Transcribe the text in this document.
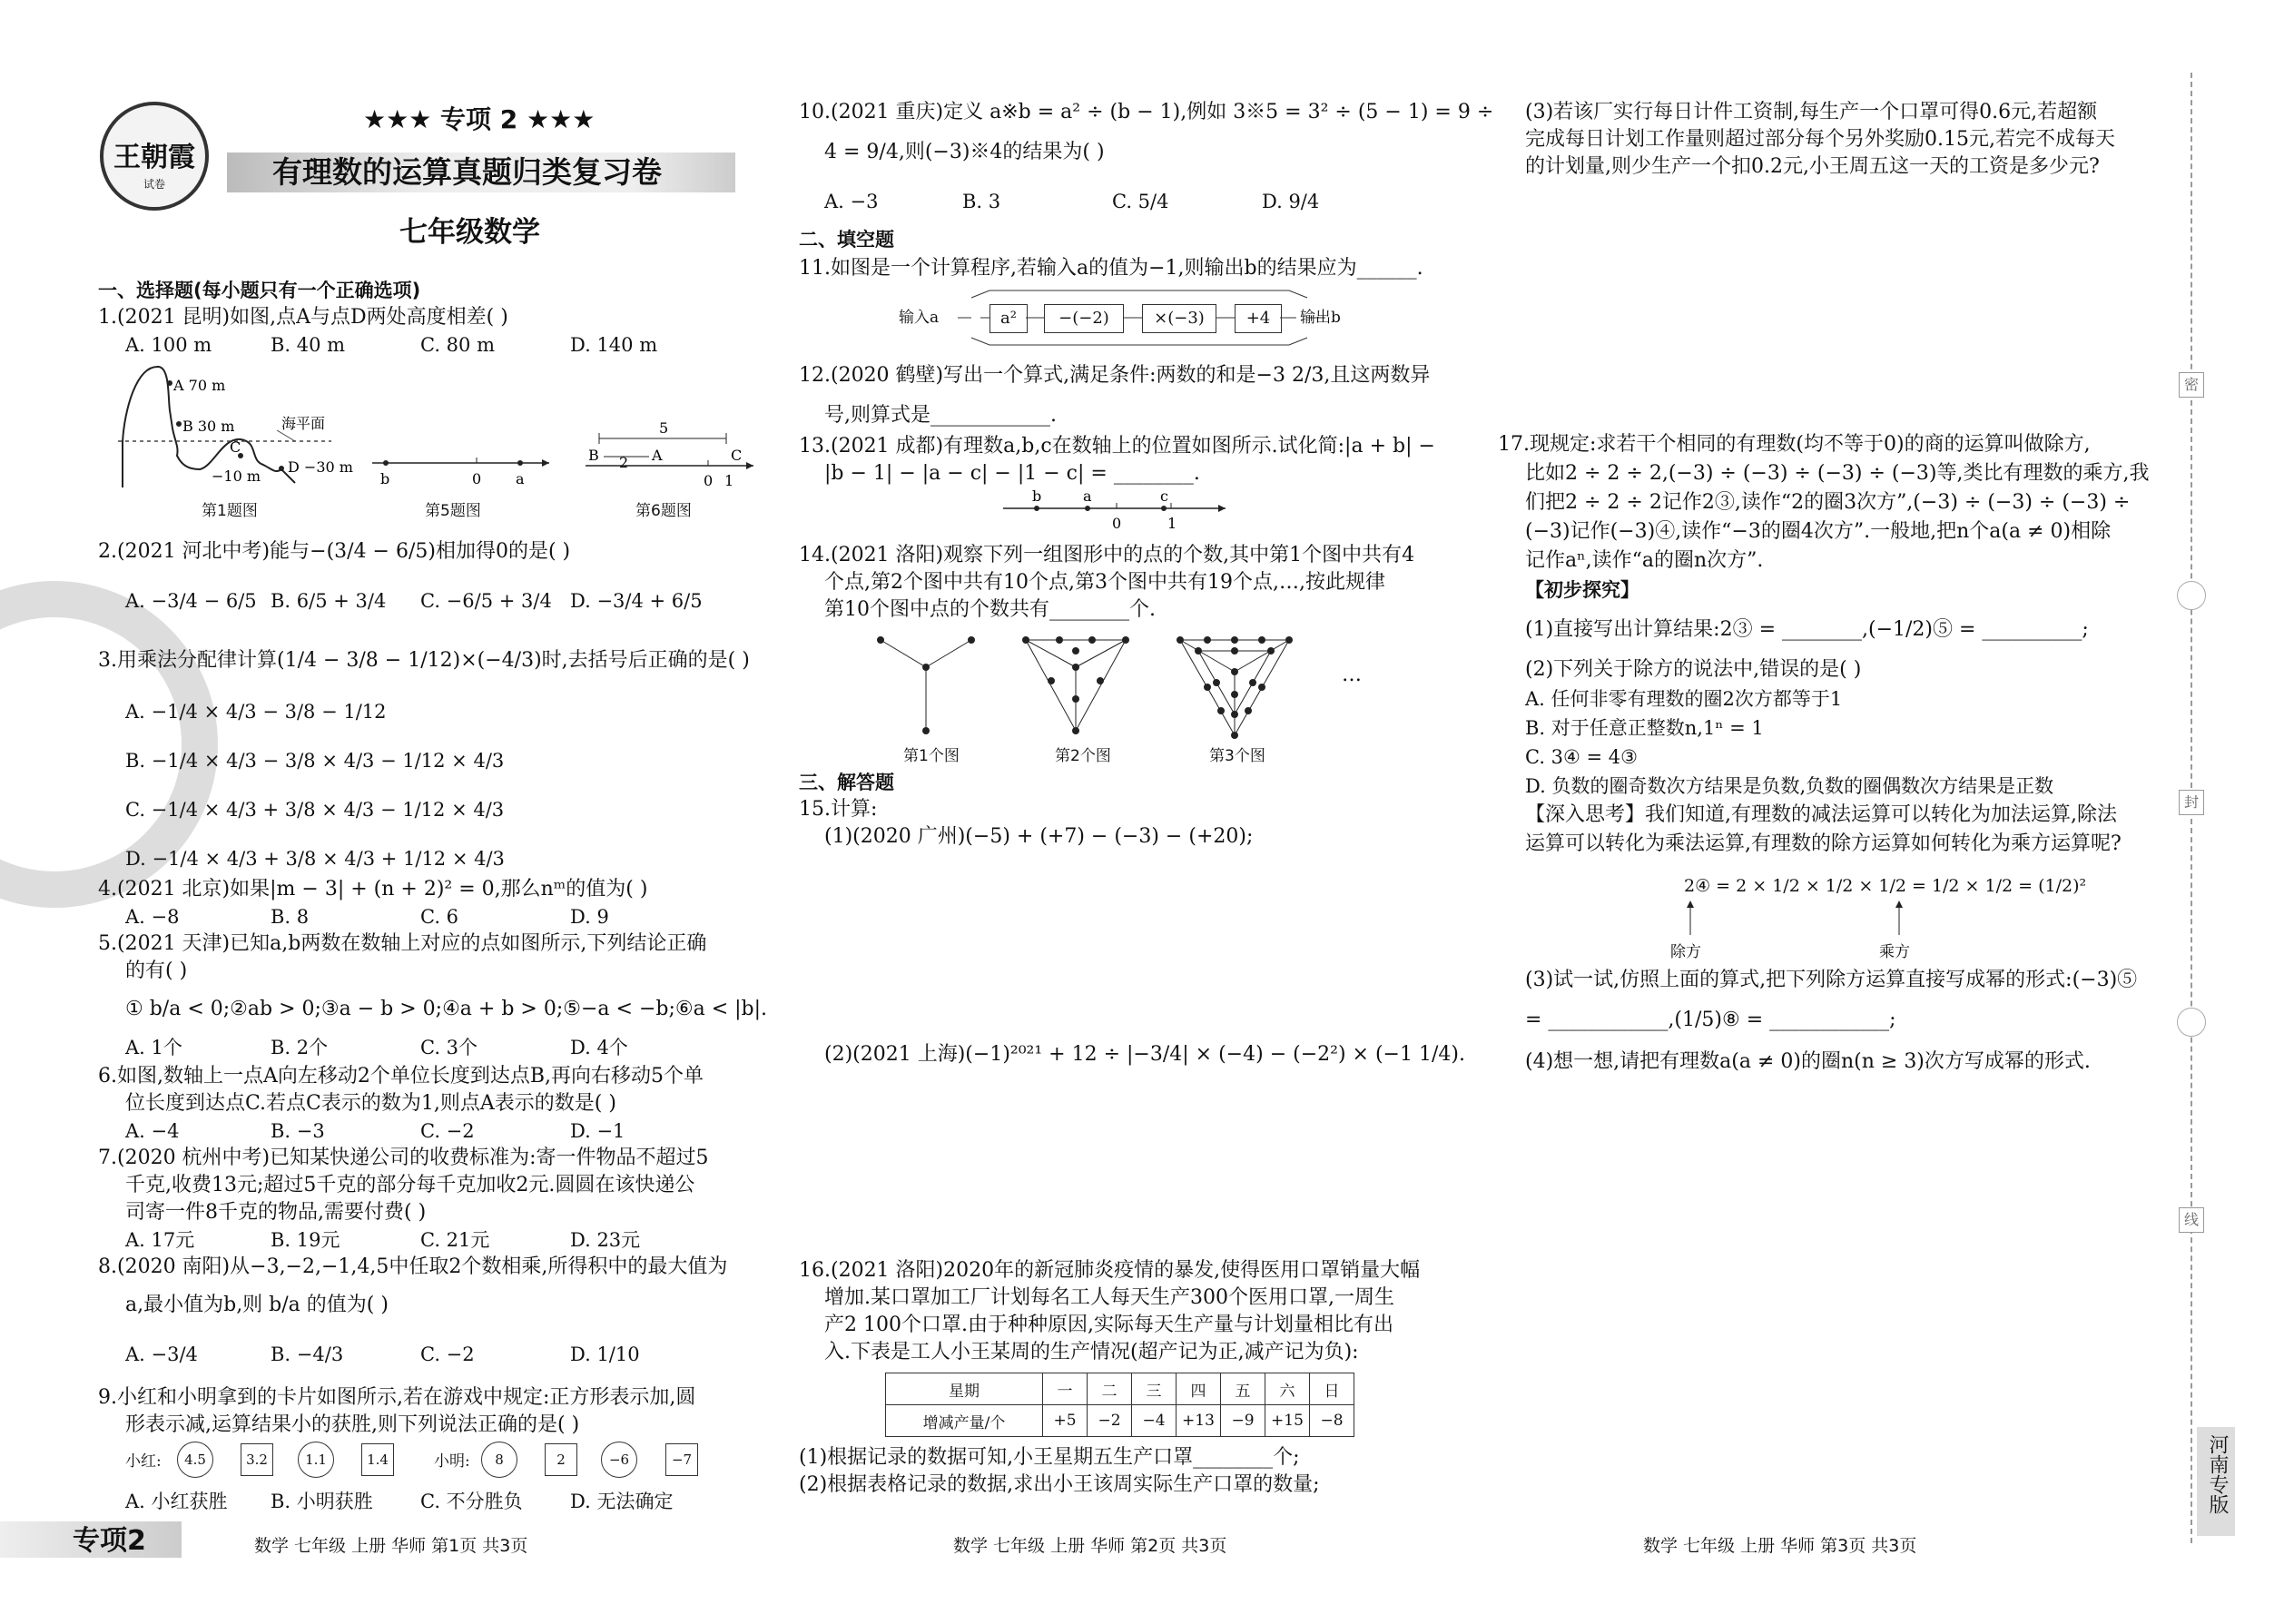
王朝霞
试卷
★★★ 专项 2 ★★★
有理数的运算真题归类复习卷
七年级数学
一、选择题(每小题只有一个正确选项)
1.(2021 昆明)如图,点A与点D两处高度相差( )
A. 100 m	B. 40 m	C. 80 m	D. 140 m
A 70 m
B 30 m
C
−10 m
D −30 m
海平面
第1题图
b	0 a
第5题图
5
2
B	A	C
0 1
第6题图
2.(2021 河北中考)能与−(3/4 − 6/5)相加得0的是( )
A. −3/4 − 6/5 B. 6/5 + 3/4 C. −6/5 + 3/4 D. −3/4 + 6/5
3.用乘法分配律计算(1/4 − 3/8 − 1/12)×(−4/3)时,去括号后正确的是( )
A. −1/4 × 4/3 − 3/8 − 1/12
B. −1/4 × 4/3 − 3/8 × 4/3 − 1/12 × 4/3
C. −1/4 × 4/3 + 3/8 × 4/3 − 1/12 × 4/3
D. −1/4 × 4/3 + 3/8 × 4/3 + 1/12 × 4/3
4.(2021 北京)如果|m − 3| + (n + 2)² = 0,那么nᵐ的值为( )
A. −8	B. 8	C. 6	D. 9
5.(2021 天津)已知a,b两数在数轴上对应的点如图所示,下列结论正确
的有( )
① b/a < 0;②ab > 0;③a − b > 0;④a + b > 0;⑤−a < −b;⑥a < |b|.
A. 1个	B. 2个	C. 3个	D. 4个
6.如图,数轴上一点A向左移动2个单位长度到达点B,再向右移动5个单
位长度到达点C.若点C表示的数为1,则点A表示的数是( )
A. −4	B. −3	C. −2	D. −1
7.(2020 杭州中考)已知某快递公司的收费标准为:寄一件物品不超过5
千克,收费13元;超过5千克的部分每千克加收2元.圆圆在该快递公
司寄一件8千克的物品,需要付费( )
A. 17元	B. 19元	C. 21元	D. 23元
8.(2020 南阳)从−3,−2,−1,4,5中任取2个数相乘,所得积中的最大值为
a,最小值为b,则 b/a 的值为( )
A. −3/4	B. −4/3	C. −2	D. 1/10
9.小红和小明拿到的卡片如图所示,若在游戏中规定:正方形表示加,圆
形表示减,运算结果小的获胜,则下列说法正确的是( )
小红:	4.5	3.2	1.1	1.4	小明:	8	2	−6	−7
A. 小红获胜 B. 小明获胜 C. 不分胜负 D. 无法确定
专项2	数学 七年级 上册 华师 第1页 共3页
10.(2021 重庆)定义 a※b = a² ÷ (b − 1),例如 3※5 = 3² ÷ (5 − 1) = 9 ÷
4 = 9/4,则(−3)※4的结果为( )
A. −3	B. 3	C. 5/4	D. 9/4
二、填空题
11.如图是一个计算程序,若输入a的值为−1,则输出b的结果应为______.
输入a	a²	−(−2)	×(−3)	+4	输出b
12.(2020 鹤壁)写出一个算式,满足条件:两数的和是−3 2/3,且这两数异
号,则算式是____________.
13.(2021 成都)有理数a,b,c在数轴上的位置如图所示.试化简:|a + b| −
|b − 1| − |a − c| − |1 − c| = ________.
b	a
0
c
1
14.(2021 洛阳)观察下列一组图形中的点的个数,其中第1个图中共有4
个点,第2个图中共有10个点,第3个图中共有19个点,…,按此规律
第10个图中点的个数共有________个.
…
第1个图	第2个图	第3个图
三、解答题
15.计算:
(1)(2020 广州)(−5) + (+7) − (−3) − (+20);
(2)(2021 上海)(−1)²⁰²¹ + 12 ÷ |−3/4| × (−4) − (−2²) × (−1 1/4).
16.(2021 洛阳)2020年的新冠肺炎疫情的暴发,使得医用口罩销量大幅
增加.某口罩加工厂计划每名工人每天生产300个医用口罩,一周生
产2 100个口罩.由于种种原因,实际每天生产量与计划量相比有出
入.下表是工人小王某周的生产情况(超产记为正,减产记为负):
星期	一	二	三	四	五	六	日
增减产量/个	+5	−2	−4	+13	−9	+15	−8
(1)根据记录的数据可知,小王星期五生产口罩________个;
(2)根据表格记录的数据,求出小王该周实际生产口罩的数量;
数学 七年级 上册 华师 第2页 共3页
(3)若该厂实行每日计件工资制,每生产一个口罩可得0.6元,若超额
完成每日计划工作量则超过部分每个另外奖励0.15元,若完不成每天
的计划量,则少生产一个扣0.2元,小王周五这一天的工资是多少元?
17.现规定:求若干个相同的有理数(均不等于0)的商的运算叫做除方,
比如2 ÷ 2 ÷ 2,(−3) ÷ (−3) ÷ (−3) ÷ (−3)等,类比有理数的乘方,我
们把2 ÷ 2 ÷ 2记作2③,读作“2的圈3次方”,(−3) ÷ (−3) ÷ (−3) ÷
(−3)记作(−3)④,读作“−3的圈4次方”.一般地,把n个a(a ≠ 0)相除
记作aⁿ,读作“a的圈n次方”.
【初步探究】
(1)直接写出计算结果:2③ = ________,(−1/2)⑤ = __________;
(2)下列关于除方的说法中,错误的是( )
A. 任何非零有理数的圈2次方都等于1
B. 对于任意正整数n,1ⁿ = 1
C. 3④ = 4③
D. 负数的圈奇数次方结果是负数,负数的圈偶数次方结果是正数
【深入思考】我们知道,有理数的减法运算可以转化为加法运算,除法
运算可以转化为乘法运算,有理数的除方运算如何转化为乘方运算呢?
2④ = 2 × 1/2 × 1/2 × 1/2 = 1/2 × 1/2 = (1/2)²
除方	乘方
(3)试一试,仿照上面的算式,把下列除方运算直接写成幂的形式:(−3)⑤
= ____________,(1/5)⑧ = ____________;
(4)想一想,请把有理数a(a ≠ 0)的圈n(n ≥ 3)次方写成幂的形式.
数学 七年级 上册 华师 第3页 共3页
密
封
线
河南专版
